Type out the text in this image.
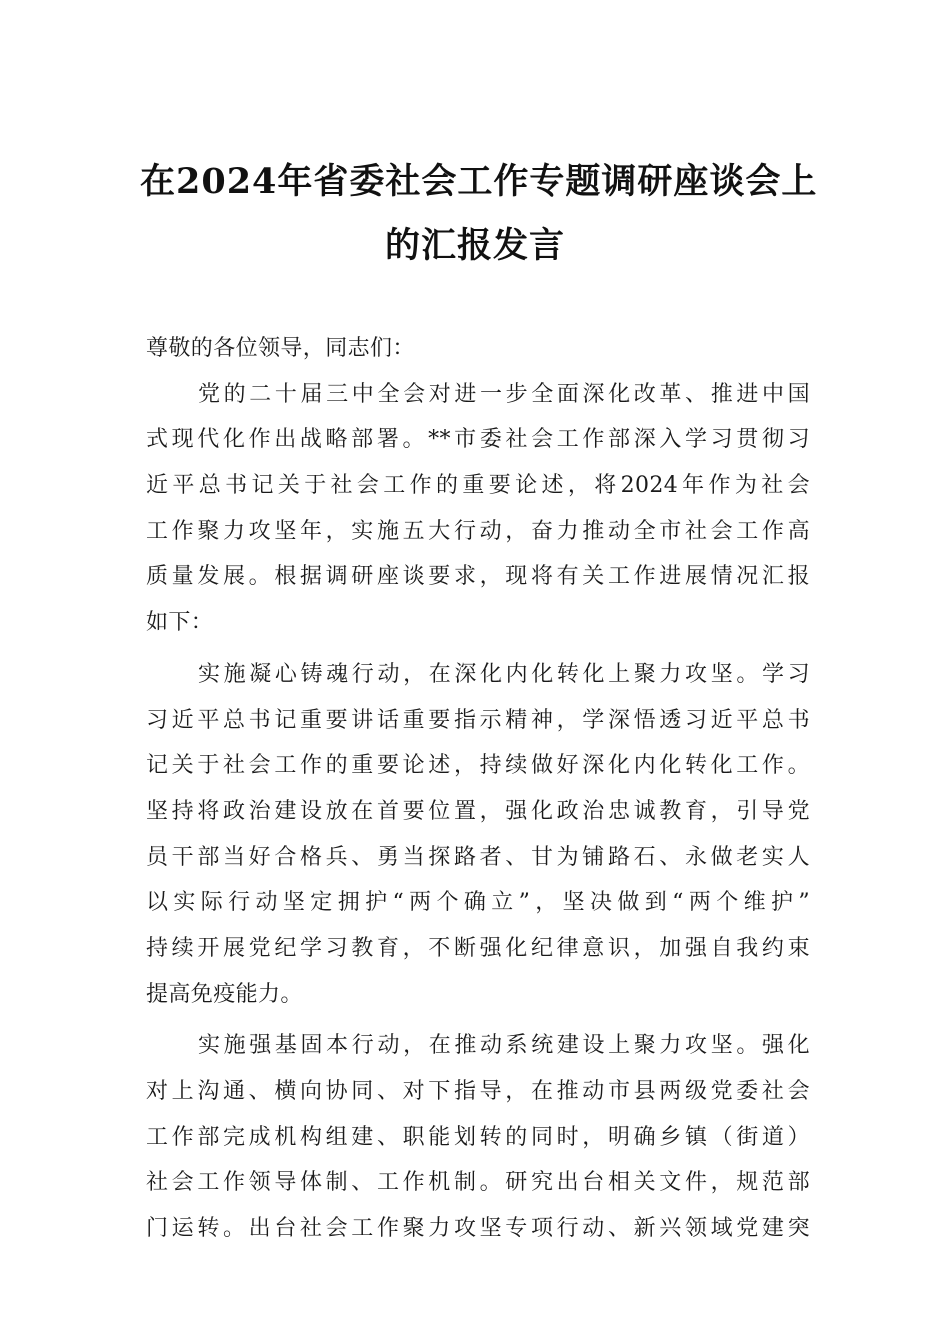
在2024年省委社会工作专题调研座谈会上
的汇报发言
尊敬的各位领导，同志们：
党的二十届三中全会对进一步全面深化改革、推进中国
式现代化作出战略部署。**市委社会工作部深入学习贯彻习
近平总书记关于社会工作的重要论述，将2024年作为社会
工作聚力攻坚年，实施五大行动，奋力推动全市社会工作高
质量发展。根据调研座谈要求，现将有关工作进展情况汇报
如下：
实施凝心铸魂行动，在深化内化转化上聚力攻坚。学习
习近平总书记重要讲话重要指示精神，学深悟透习近平总书
记关于社会工作的重要论述，持续做好深化内化转化工作。
坚持将政治建设放在首要位置，强化政治忠诚教育，引导党
员干部当好合格兵、勇当探路者、甘为铺路石、永做老实人
以实际行动坚定拥护“两个确立”，坚决做到“两个维护”
持续开展党纪学习教育，不断强化纪律意识，加强自我约束
提高免疫能力。
实施强基固本行动，在推动系统建设上聚力攻坚。强化
对上沟通、横向协同、对下指导，在推动市县两级党委社会
工作部完成机构组建、职能划转的同时，明确乡镇（街道）
社会工作领导体制、工作机制。研究出台相关文件，规范部
门运转。出台社会工作聚力攻坚专项行动、新兴领域党建突
